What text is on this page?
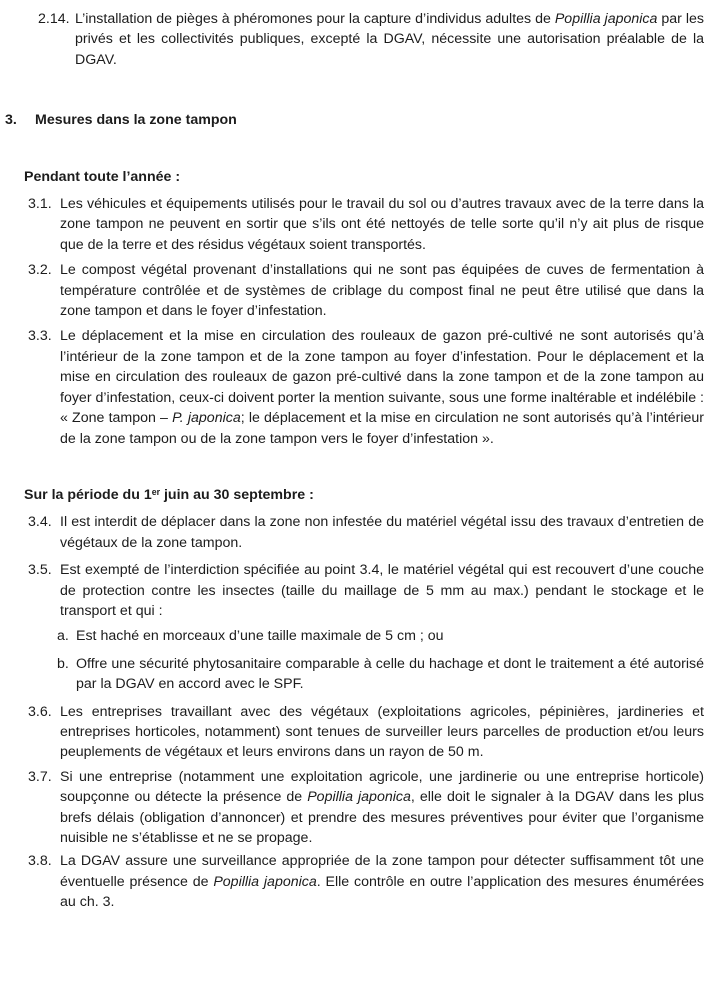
2.14. L’installation de pièges à phéromones pour la capture d’individus adultes de Popillia japonica par les privés et les collectivités publiques, excepté la DGAV, nécessite une autorisation préalable de la DGAV.
3.	Mesures dans la zone tampon
Pendant toute l’année :
3.1. Les véhicules et équipements utilisés pour le travail du sol ou d’autres travaux avec de la terre dans la zone tampon ne peuvent en sortir que s’ils ont été nettoyés de telle sorte qu’il n’y ait plus de risque que de la terre et des résidus végétaux soient transportés.
3.2. Le compost végétal provenant d’installations qui ne sont pas équipées de cuves de fermentation à température contrôlée et de systèmes de criblage du compost final ne peut être utilisé que dans la zone tampon et dans le foyer d’infestation.
3.3. Le déplacement et la mise en circulation des rouleaux de gazon pré-cultivé ne sont autorisés qu’à l’intérieur de la zone tampon et de la zone tampon au foyer d’infestation. Pour le déplacement et la mise en circulation des rouleaux de gazon pré-cultivé dans la zone tampon et de la zone tampon au foyer d’infestation, ceux-ci doivent porter la mention suivante, sous une forme inaltérable et indélébile : « Zone tampon – P. japonica; le déplacement et la mise en circulation ne sont autorisés qu’à l’intérieur de la zone tampon ou de la zone tampon vers le foyer d’infestation ».
Sur la période du 1er juin au 30 septembre :
3.4. Il est interdit de déplacer dans la zone non infestée du matériel végétal issu des travaux d’entretien de végétaux de la zone tampon.
3.5. Est exempté de l’interdiction spécifiée au point 3.4, le matériel végétal qui est recouvert d’une couche de protection contre les insectes (taille du maillage de 5 mm au max.) pendant le stockage et le transport et qui :
a. Est haché en morceaux d’une taille maximale de 5 cm ; ou
b. Offre une sécurité phytosanitaire comparable à celle du hachage et dont le traitement a été autorisé par la DGAV en accord avec le SPF.
3.6. Les entreprises travaillant avec des végétaux (exploitations agricoles, pépinières, jardineries et entreprises horticoles, notamment) sont tenues de surveiller leurs parcelles de production et/ou leurs peuplements de végétaux et leurs environs dans un rayon de 50 m.
3.7. Si une entreprise (notamment une exploitation agricole, une jardinerie ou une entreprise horticole) soupçonne ou détecte la présence de Popillia japonica, elle doit le signaler à la DGAV dans les plus brefs délais (obligation d’annoncer) et prendre des mesures préventives pour éviter que l’organisme nuisible ne s’établisse et ne se propage.
3.8. La DGAV assure une surveillance appropriée de la zone tampon pour détecter suffisamment tôt une éventuelle présence de Popillia japonica. Elle contrôle en outre l’application des mesures énumérées au ch. 3.
